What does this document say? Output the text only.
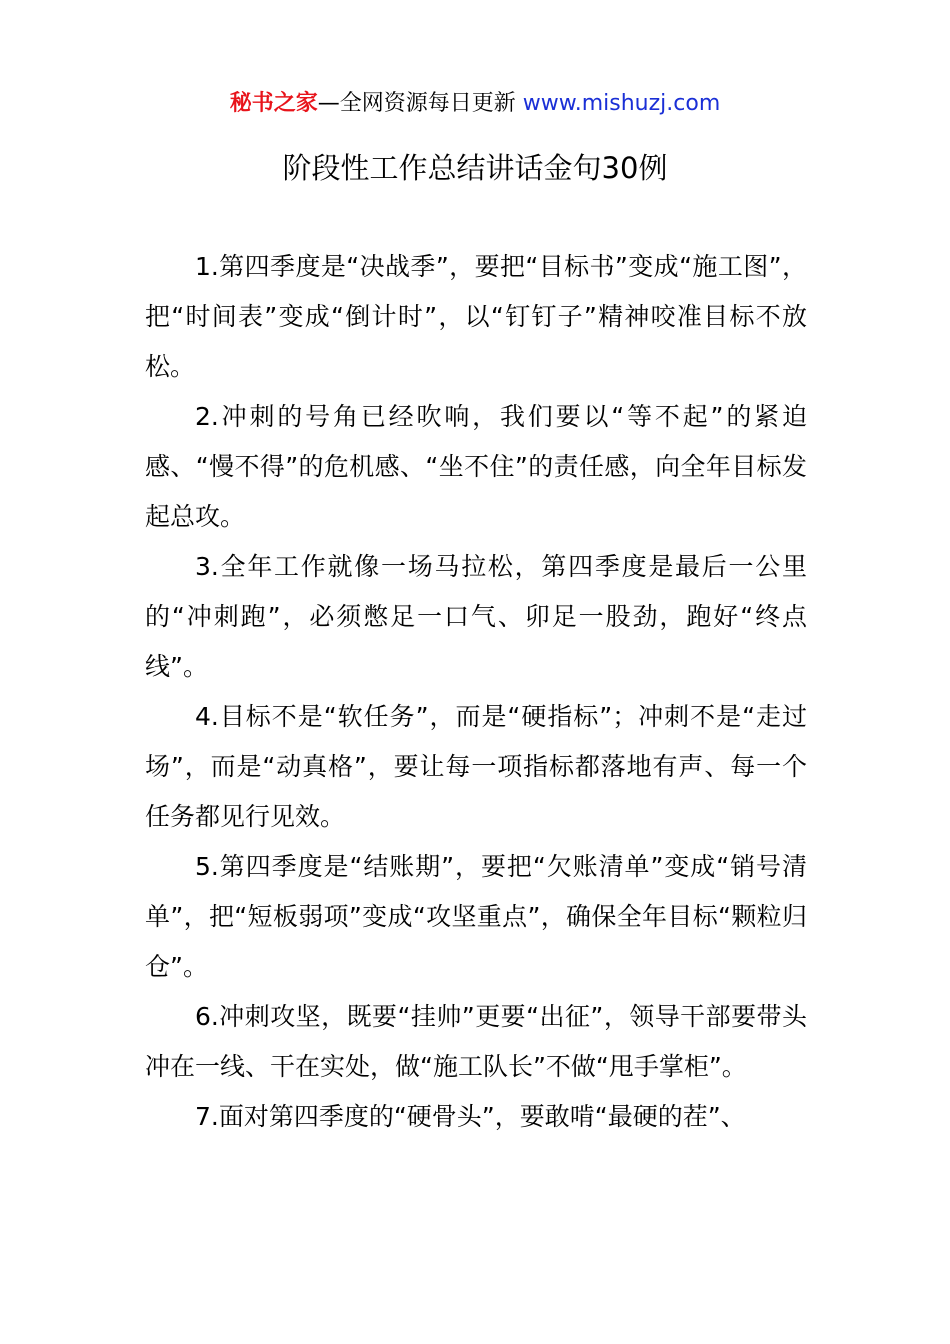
秘书之家—全网资源每日更新 www.mishuzj.com
阶段性工作总结讲话金句30例

1.第四季度是“决战季”，要把“目标书”变成“施工图”，把“时间表”变成“倒计时”，以“钉钉子”精神咬准目标不放松。

2.冲刺的号角已经吹响，我们要以“等不起”的紧迫感、“慢不得”的危机感、“坐不住”的责任感，向全年目标发起总攻。

3.全年工作就像一场马拉松，第四季度是最后一公里的“冲刺跑”，必须憋足一口气、卯足一股劲，跑好“终点线”。

4.目标不是“软任务”，而是“硬指标”；冲刺不是“走过场”，而是“动真格”，要让每一项指标都落地有声、每一个任务都见行见效。

5.第四季度是“结账期”，要把“欠账清单”变成“销号清单”，把“短板弱项”变成“攻坚重点”，确保全年目标“颗粒归仓”。

6.冲刺攻坚，既要“挂帅”更要“出征”，领导干部要带头冲在一线、干在实处，做“施工队长”不做“甩手掌柜”。

7.面对第四季度的“硬骨头”，要敢啃“最硬的茬”、
